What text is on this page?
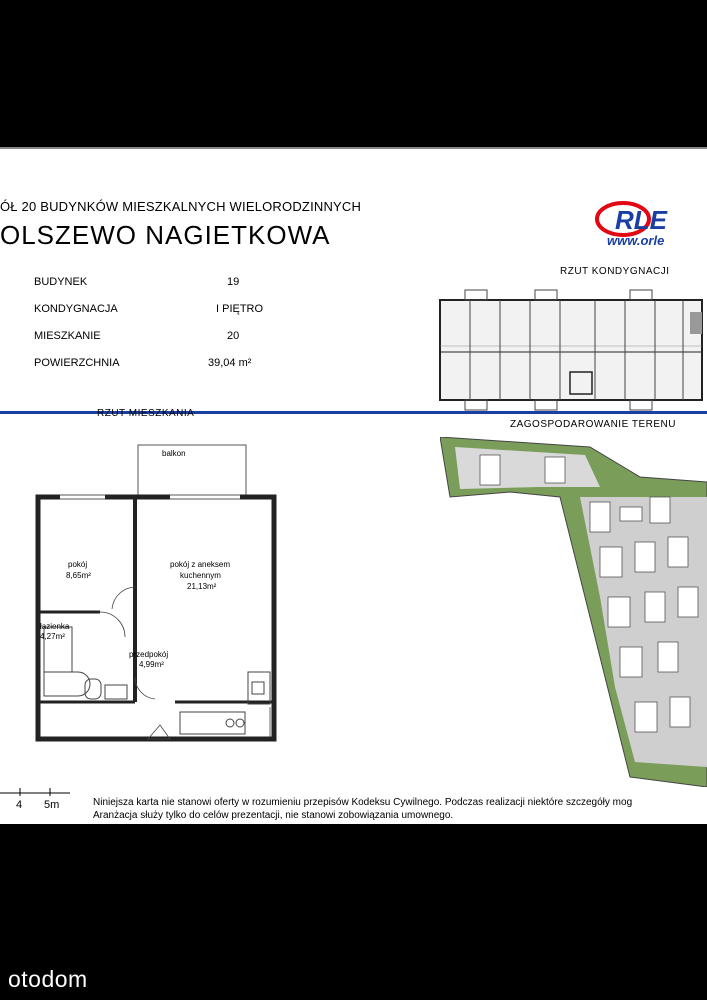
ÓŁ 20 BUDYNKÓW MIESZKALNYCH WIELORODZINNYCH
OLSZEWO NAGIETKOWA	RLE
www.orle
BUDYNEK	19
KONDYGNACJA	I PIĘTRO
MIESZKANIE	20
POWIERZCHNIA	39,04 m²
RZUT MIESZKANIA
RZUT KONDYGNACJI
ZAGOSPODAROWANIE TERENU
balkon
pokój
8,65m²
pokój z aneksem
kuchennym
21,13m²
łazienka
4,27m²
przedpokój
4,99m²
4 5m	Niniejsza karta nie stanowi oferty w rozumieniu przepisów Kodeksu Cywilnego. Podczas realizacji niektóre szczegóły mog
Aranżacja służy tylko do celów prezentacji, nie stanowi zobowiązania umownego.
otodom
